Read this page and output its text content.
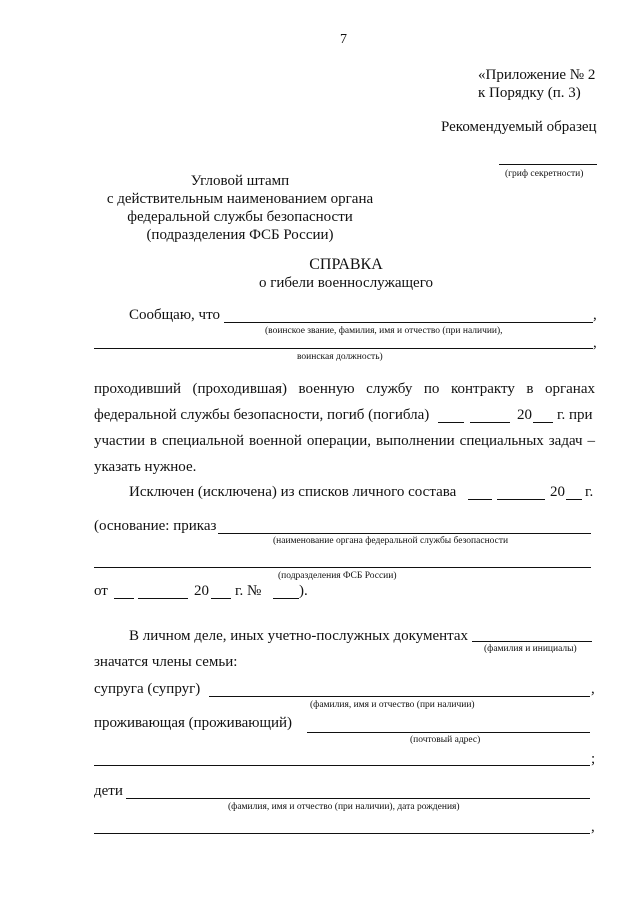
7
«Приложение № 2
к Порядку (п. 3)
Рекомендуемый образец
(гриф секретности)
Угловой штамп
с действительным наименованием органа
федеральной службы безопасности
(подразделения ФСБ России)
СПРАВКА
о гибели военнослужащего
Сообщаю, что	,
(воинское звание, фамилия, имя и отчество (при наличии),
,
воинская должность)
проходивший (проходившая) военную службу по контракту в органах
федеральной службы безопасности, погиб (погибла)	20 г. при
участии в специальной военной операции, выполнении специальных задач –
указать нужное.
Исключен (исключена) из списков личного состава	20 г.
(основание: приказ
(наименование органа федеральной службы безопасности
(подразделения ФСБ России)
от	20 г. №	).
В личном деле, иных учетно-послужных документах
(фамилия и инициалы)
значатся члены семьи:
супруга (супруг)	,
(фамилия, имя и отчество (при наличии)
проживающая (проживающий)
(почтовый адрес)
;
дети
(фамилия, имя и отчество (при наличии), дата рождения)
,
